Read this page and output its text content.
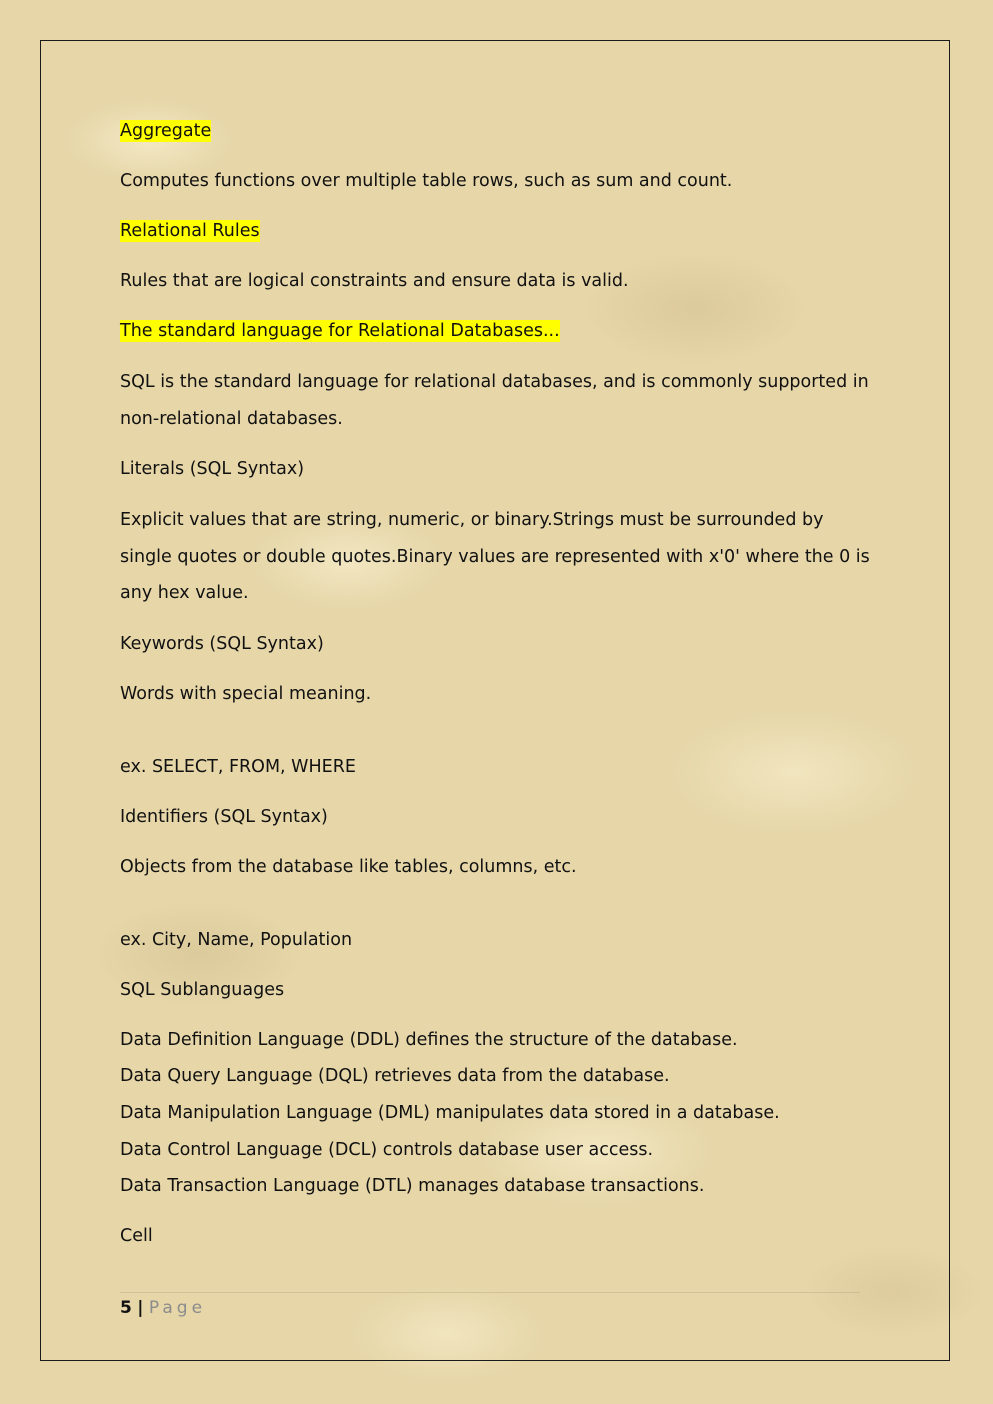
Aggregate

Computes functions over multiple table rows, such as sum and count.

Relational Rules

Rules that are logical constraints and ensure data is valid.

The standard language for Relational Databases...

SQL is the standard language for relational databases, and is commonly supported in non-relational databases.

Literals (SQL Syntax)

Explicit values that are string, numeric, or binary.Strings must be surrounded by single quotes or double quotes.Binary values are represented with x'0' where the 0 is any hex value.

Keywords (SQL Syntax)

Words with special meaning.

ex. SELECT, FROM, WHERE

Identifiers (SQL Syntax)

Objects from the database like tables, columns, etc.

ex. City, Name, Population

SQL Sublanguages

Data Definition Language (DDL) defines the structure of the database.

Data Query Language (DQL) retrieves data from the database.

Data Manipulation Language (DML) manipulates data stored in a database.

Data Control Language (DCL) controls database user access.

Data Transaction Language (DTL) manages database transactions.

Cell

5 | Page
